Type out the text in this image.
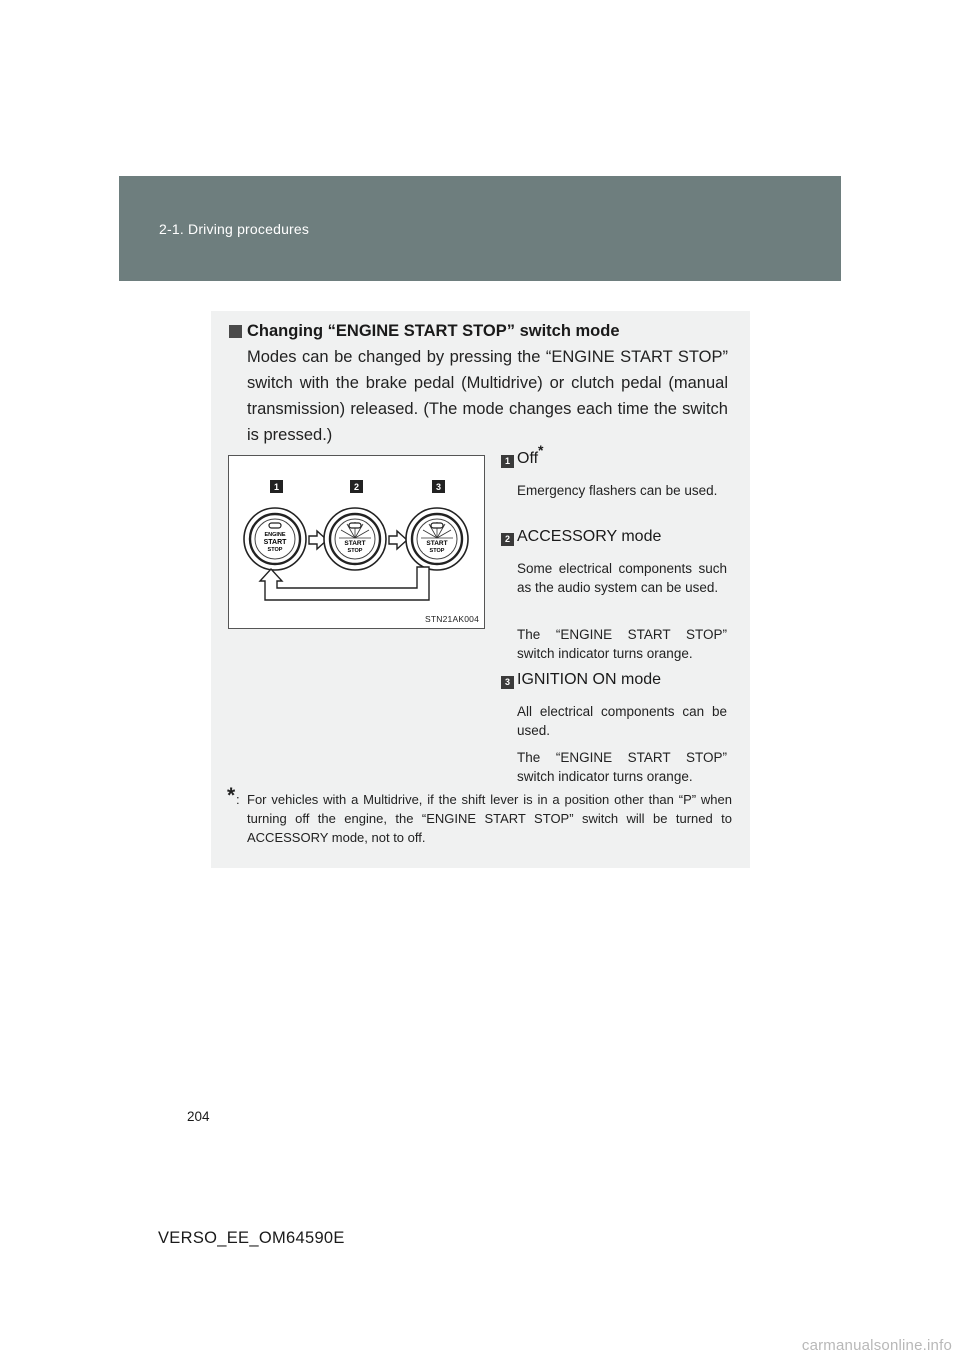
2-1. Driving procedures
Changing “ENGINE START STOP” switch mode
Modes can be changed by pressing the “ENGINE START STOP” switch with the brake pedal (Multidrive) or clutch pedal (manual transmission) released. (The mode changes each time the switch is pressed.)
1	2	3
ENGINE
START
STOP
START
STOP
START
STOP
STN21AK004
1 Off*
Emergency flashers can be used.
2 ACCESSORY mode
Some electrical components such as the audio system can be used.
The “ENGINE START STOP” switch indicator turns orange.
3 IGNITION ON mode
All electrical components can be used.
The “ENGINE START STOP” switch indicator turns orange.
* : For vehicles with a Multidrive, if the shift lever is in a position other than “P” when turning off the engine, the “ENGINE START STOP” switch will be turned to ACCESSORY mode, not to off.
204
VERSO_EE_OM64590E
carmanualsonline.info
